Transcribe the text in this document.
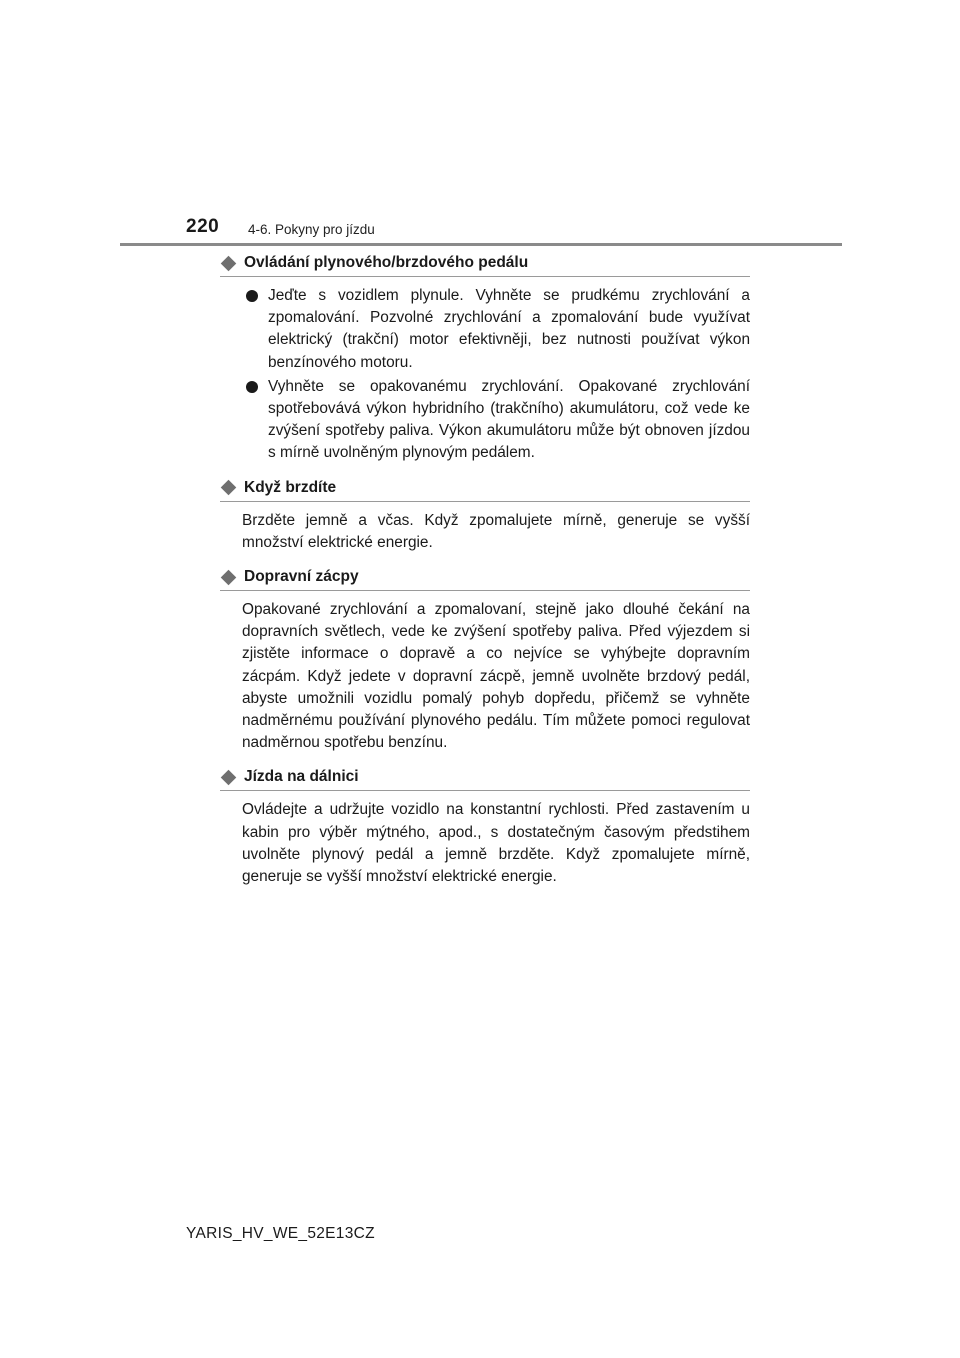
220 4-6. Pokyny pro jízdu
Ovládání plynového/brzdového pedálu
Jeďte s vozidlem plynule. Vyhněte se prudkému zrychlování a zpomalování. Pozvolné zrychlování a zpomalování bude využívat elektrický (trakční) motor efektivněji, bez nutnosti používat výkon benzínového motoru.
Vyhněte se opakovanému zrychlování. Opakované zrychlování spotřebovává výkon hybridního (trakčního) akumulátoru, což vede ke zvýšení spotřeby paliva. Výkon akumulátoru může být obnoven jízdou s mírně uvolněným plynovým pedálem.
Když brzdíte
Brzděte jemně a včas. Když zpomalujete mírně, generuje se vyšší množství elektrické energie.
Dopravní zácpy
Opakované zrychlování a zpomalovaní, stejně jako dlouhé čekání na dopravních světlech, vede ke zvýšení spotřeby paliva. Před výjezdem si zjistěte informace o dopravě a co nejvíce se vyhýbejte dopravním zácpám. Když jedete v dopravní zácpě, jemně uvolněte brzdový pedál, abyste umožnili vozidlu pomalý pohyb dopředu, přičemž se vyhněte nadměrnému používání plynového pedálu. Tím můžete pomoci regulovat nadměrnou spotřebu benzínu.
Jízda na dálnici
Ovládejte a udržujte vozidlo na konstantní rychlosti. Před zastavením u kabin pro výběr mýtného, apod., s dostatečným časovým předstihem uvolněte plynový pedál a jemně brzděte. Když zpomalujete mírně, generuje se vyšší množství elektrické energie.
YARIS_HV_WE_52E13CZ
